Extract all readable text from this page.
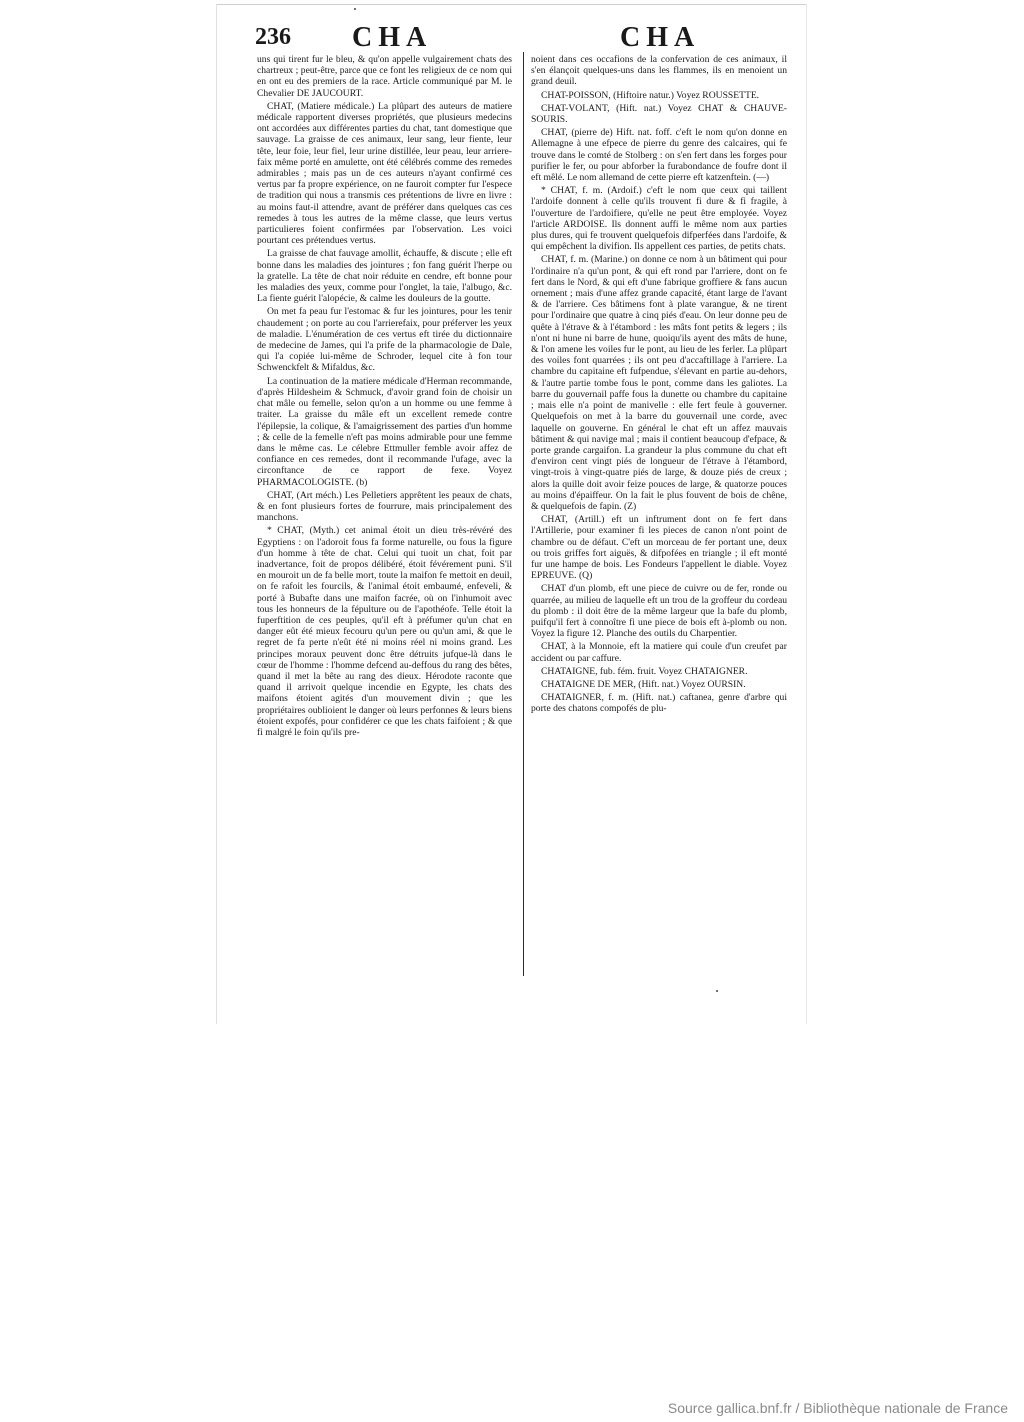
236 CHA	CHA

uns qui tirent fur le bleu, & qu'on appelle vulgairement chats des chartreux ; peut-être, parce que ce font les religieux de ce nom qui en ont eu des premiers de la race. Article communiqué par M. le Chevalier DE JAUCOURT.

CHAT, (Matiere médicale.) La plûpart des auteurs de matiere médicale rapportent diverses propriétés, que plusieurs medecins ont accordées aux différentes parties du chat, tant domestique que sauvage. La graisse de ces animaux, leur sang, leur fiente, leur tête, leur foie, leur fiel, leur urine distillée, leur peau, leur arriere-faix même porté en amulette, ont été célébrés comme des remedes admirables ; mais pas un de ces auteurs n'ayant confirmé ces vertus par fa propre expérience, on ne fauroit compter fur l'espece de tradition qui nous a transmis ces prétentions de livre en livre : au moins faut-il attendre, avant de préférer dans quelques cas ces remedes à tous les autres de la même classe, que leurs vertus particulieres foient confirmées par l'observation. Les voici pourtant ces prétendues vertus.

La graisse de chat fauvage amollit, échauffe, & discute ; elle eft bonne dans les maladies des jointures ; fon fang guérit l'herpe ou la gratelle. La tête de chat noir réduite en cendre, eft bonne pour les maladies des yeux, comme pour l'onglet, la taie, l'albugo, &c. La fiente guérit l'alopécie, & calme les douleurs de la goutte.

On met fa peau fur l'estomac & fur les jointures, pour les tenir chaudement ; on porte au cou l'arrierefaix, pour préferver les yeux de maladie. L'énumération de ces vertus eft tirée du dictionnaire de medecine de James, qui l'a prife de la pharmacologie de Dale, qui l'a copiée lui-même de Schroder, lequel cite à fon tour Schwenckfelt & Mifaldus, &c.

La continuation de la matiere médicale d'Herman recommande, d'après Hildesheim & Schmuck, d'avoir grand foin de choisir un chat mâle ou femelle, selon qu'on a un homme ou une femme à traiter. La graisse du mâle eft un excellent remede contre l'épilepsie, la colique, & l'amaigrissement des parties d'un homme ; & celle de la femelle n'eft pas moins admirable pour une femme dans le même cas. Le célebre Ettmuller femble avoir affez de confiance en ces remedes, dont il recommande l'ufage, avec la circonftance de ce rapport de fexe. Voyez PHARMACOLOGISTE. (b)

CHAT, (Art méch.) Les Pelletiers apprêtent les peaux de chats, & en font plusieurs fortes de fourrure, mais principalement des manchons.

* CHAT, (Myth.) cet animal étoit un dieu très-révéré des Egyptiens : on l'adoroit fous fa forme naturelle, ou fous la figure d'un homme à tête de chat. Celui qui tuoit un chat, foit par inadvertance, foit de propos délibéré, étoit févérement puni. S'il en mouroit un de fa belle mort, toute la maifon fe mettoit en deuil, on fe rafoit les fourcils, & l'animal étoit embaumé, enfeveli, & porté à Bubafte dans une maifon facrée, où on l'inhumoit avec tous les honneurs de la fépulture ou de l'apothéofe. Telle étoit la fuperftition de ces peuples, qu'il eft à préfumer qu'un chat en danger eût été mieux fecouru qu'un pere ou qu'un ami, & que le regret de fa perte n'eût été ni moins réel ni moins grand. Les principes moraux peuvent donc être détruits jufque-là dans le cœur de l'homme : l'homme defcend au-deffous du rang des bêtes, quand il met la bête au rang des dieux. Hérodote raconte que quand il arrivoit quelque incendie en Egypte, les chats des maifons étoient agités d'un mouvement divin ; que les propriétaires oublioient le danger où leurs perfonnes & leurs biens étoient expofés, pour confidérer ce que les chats faifoient ; & que fi malgré le foin qu'ils pre-

noient dans ces occafions de la confervation de ces animaux, il s'en élançoit quelques-uns dans les flammes, ils en menoient un grand deuil.

CHAT-POISSON, (Hiftoire natur.) Voyez ROUSSETTE.

CHAT-VOLANT, (Hift. nat.) Voyez CHAT & CHAUVE-SOURIS.

CHAT, (pierre de) Hift. nat. foff. c'eft le nom qu'on donne en Allemagne à une efpece de pierre du genre des calcaires, qui fe trouve dans le comté de Stolberg : on s'en fert dans les forges pour purifier le fer, ou pour abforber la furabondance de foufre dont il eft mêlé. Le nom allemand de cette pierre eft katzenftein. (—)

* CHAT, f. m. (Ardoif.) c'eft le nom que ceux qui taillent l'ardoife donnent à celle qu'ils trouvent fi dure & fi fragile, à l'ouverture de l'ardoifiere, qu'elle ne peut être employée. Voyez l'article ARDOISE. Ils donnent auffi le même nom aux parties plus dures, qui fe trouvent quelquefois difperfées dans l'ardoife, & qui empêchent la divifion. Ils appellent ces parties, de petits chats.

CHAT, f. m. (Marine.) on donne ce nom à un bâtiment qui pour l'ordinaire n'a qu'un pont, & qui eft rond par l'arriere, dont on fe fert dans le Nord, & qui eft d'une fabrique groffiere & fans aucun ornement ; mais d'une affez grande capacité, étant large de l'avant & de l'arriere. Ces bâtimens font à plate varangue, & ne tirent pour l'ordinaire que quatre à cinq piés d'eau. On leur donne peu de quête à l'étrave & à l'étambord : les mâts font petits & legers ; ils n'ont ni hune ni barre de hune, quoiqu'ils ayent des mâts de hune, & l'on amene les voiles fur le pont, au lieu de les ferler. La plûpart des voiles font quarrées ; ils ont peu d'accaftillage à l'arriere. La chambre du capitaine eft fufpendue, s'élevant en partie au-dehors, & l'autre partie tombe fous le pont, comme dans les galiotes. La barre du gouvernail paffe fous la dunette ou chambre du capitaine ; mais elle n'a point de manivelle : elle fert feule à gouverner. Quelquefois on met à la barre du gouvernail une corde, avec laquelle on gouverne. En général le chat eft un affez mauvais bâtiment & qui navige mal ; mais il contient beaucoup d'efpace, & porte grande cargaifon. La grandeur la plus commune du chat eft d'environ cent vingt piés de longueur de l'étrave à l'étambord, vingt-trois à vingt-quatre piés de large, & douze piés de creux ; alors la quille doit avoir feize pouces de large, & quatorze pouces au moins d'épaiffeur. On la fait le plus fouvent de bois de chêne, & quelquefois de fapin. (Z)

CHAT, (Artill.) eft un inftrument dont on fe fert dans l'Artillerie, pour examiner fi les pieces de canon n'ont point de chambre ou de défaut. C'eft un morceau de fer portant une, deux ou trois griffes fort aiguës, & difpofées en triangle ; il eft monté fur une hampe de bois. Les Fondeurs l'appellent le diable. Voyez EPREUVE. (Q)

CHAT d'un plomb, eft une piece de cuivre ou de fer, ronde ou quarrée, au milieu de laquelle eft un trou de la groffeur du cordeau du plomb : il doit être de la même largeur que la bafe du plomb, puifqu'il fert à connoître fi une piece de bois eft à-plomb ou non. Voyez la figure 12. Planche des outils du Charpentier.

CHAT, à la Monnoie, eft la matiere qui coule d'un creufet par accident ou par caffure.

CHATAIGNE, fub. fém. fruit. Voyez CHATAIGNER.

CHATAIGNE DE MER, (Hift. nat.) Voyez OURSIN.

CHATAIGNER, f. m. (Hift. nat.) caftanea, genre d'arbre qui porte des chatons compofés de plu-

Source gallica.bnf.fr / Bibliothèque nationale de France
